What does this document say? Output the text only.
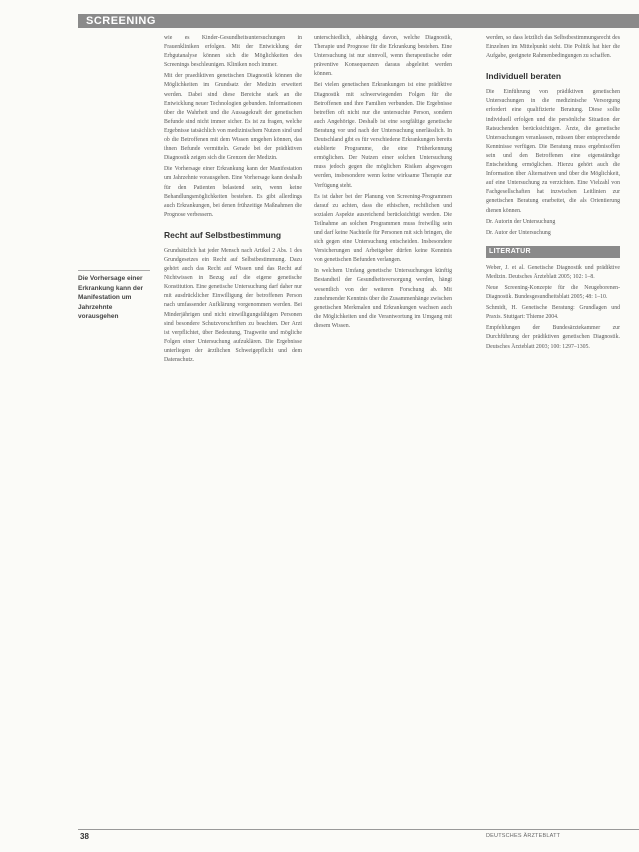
SCREENING
Die Vorhersage einer Erkrankung kann der Manifestation um Jahrzehnte vorausgehen

wie es Kinder-Gesundheitsuntersuchungen in Frauenkliniken erfolgen. Mit der Entwicklung der Erbgutanalyse können sich die Möglichkeiten des Screenings beschleunigen. Kliniken noch immer.

Mit der praediktiven genetischen Diagnostik können die Möglichkeiten im Grundsatz der Medizin erweitert werden. Dabei sind diese Bereiche stark an die Entwicklung neuer Technologien gebunden. Informationen über die Wahrheit und die Aussagekraft der genetischen Befunde sind nicht immer sicher. Es ist zu fragen, welche Ergebnisse tatsächlich von medizinischem Nutzen sind und ob die Betroffenen mit dem Wissen umgehen können, das ihnen Befunde vermitteln. Gerade bei der prädiktiven Diagnostik zeigen sich die Grenzen der Medizin.

Die Vorhersage einer Erkrankung kann der Manifestation um Jahrzehnte vorausgehen. Eine Vorhersage kann deshalb für den Patienten belastend sein, wenn keine Behandlungsmöglichkeiten bestehen. Es gibt allerdings auch Erkrankungen, bei denen frühzeitige Maßnahmen die Prognose verbessern.

Recht auf Selbstbestimmung

Grundsätzlich hat jeder Mensch nach Artikel 2 Abs. 1 des Grundgesetzes ein Recht auf Selbstbestimmung. Dazu gehört auch das Recht auf Wissen und das Recht auf Nichtwissen in Bezug auf die eigene genetische Konstitution. Eine genetische Untersuchung darf daher nur mit ausdrücklicher Einwilligung der betroffenen Person nach umfassender Aufklärung vorgenommen werden. Bei Minderjährigen und nicht einwilligungsfähigen Personen sind besondere Schutzvorschriften zu beachten. Der Arzt ist verpflichtet, über Bedeutung, Tragweite und mögliche Folgen einer Untersuchung aufzuklären. Die Ergebnisse unterliegen der ärztlichen Schweigepflicht und dem Datenschutz.

unterschiedlich, abhängig davon, welche Diagnostik, Therapie und Prognose für die Erkrankung bestehen. Eine Untersuchung ist nur sinnvoll, wenn therapeutische oder präventive Konsequenzen daraus abgeleitet werden können.

Bei vielen genetischen Erkrankungen ist eine prädiktive Diagnostik mit schwerwiegenden Folgen für die Betroffenen und ihre Familien verbunden. Die Ergebnisse betreffen oft nicht nur die untersuchte Person, sondern auch Angehörige. Deshalb ist eine sorgfältige genetische Beratung vor und nach der Untersuchung unerlässlich. In Deutschland gibt es für verschiedene Erkrankungen bereits etablierte Programme, die eine Früherkennung ermöglichen. Der Nutzen einer solchen Untersuchung muss jedoch gegen die möglichen Risiken abgewogen werden, insbesondere wenn keine wirksame Therapie zur Verfügung steht.

Es ist daher bei der Planung von Screening-Programmen darauf zu achten, dass die ethischen, rechtlichen und sozialen Aspekte ausreichend berücksichtigt werden. Die Teilnahme an solchen Programmen muss freiwillig sein und darf keine Nachteile für Personen mit sich bringen, die sich gegen eine Untersuchung entscheiden. Insbesondere Versicherungen und Arbeitgeber dürfen keine Kenntnis von genetischen Befunden verlangen.

In welchem Umfang genetische Untersuchungen künftig Bestandteil der Gesundheitsversorgung werden, hängt wesentlich von der weiteren Forschung ab. Mit zunehmender Kenntnis über die Zusammenhänge zwischen genetischen Merkmalen und Erkrankungen wachsen auch die Möglichkeiten und die Verantwortung im Umgang mit diesem Wissen.

werden, so dass letztlich das Selbstbestimmungsrecht des Einzelnen im Mittelpunkt steht. Die Politik hat hier die Aufgabe, geeignete Rahmenbedingungen zu schaffen.

Individuell beraten

Die Einführung von prädiktiven genetischen Untersuchungen in die medizinische Versorgung erfordert eine qualifizierte Beratung. Diese sollte individuell erfolgen und die persönliche Situation der Ratsuchenden berücksichtigen. Ärzte, die genetische Untersuchungen veranlassen, müssen über entsprechende Kenntnisse verfügen. Die Beratung muss ergebnisoffen sein und den Betroffenen eine eigenständige Entscheidung ermöglichen. Hierzu gehört auch die Information über Alternativen und über die Möglichkeit, auf eine Untersuchung zu verzichten. Eine Vielzahl von Fachgesellschaften hat inzwischen Leitlinien zur genetischen Beratung erarbeitet, die als Orientierung dienen können.

Dr. Autorin der Untersuchung

Dr. Autor der Untersuchung

LITERATUR

Weber, J. et al. Genetische Diagnostik und prädiktive Medizin. Deutsches Ärzteblatt 2005; 102: 1–8.

Neue Screening-Konzepte für die Neugeborenen-Diagnostik. Bundesgesundheitsblatt 2005; 48: 1–10.

Schmidt, H. Genetische Beratung: Grundlagen und Praxis. Stuttgart: Thieme 2004.

Empfehlungen der Bundesärztekammer zur Durchführung der prädiktiven genetischen Diagnostik. Deutsches Ärzteblatt 2003; 100: 1297–1305.

38	DEUTSCHES ÄRZTEBLATT
